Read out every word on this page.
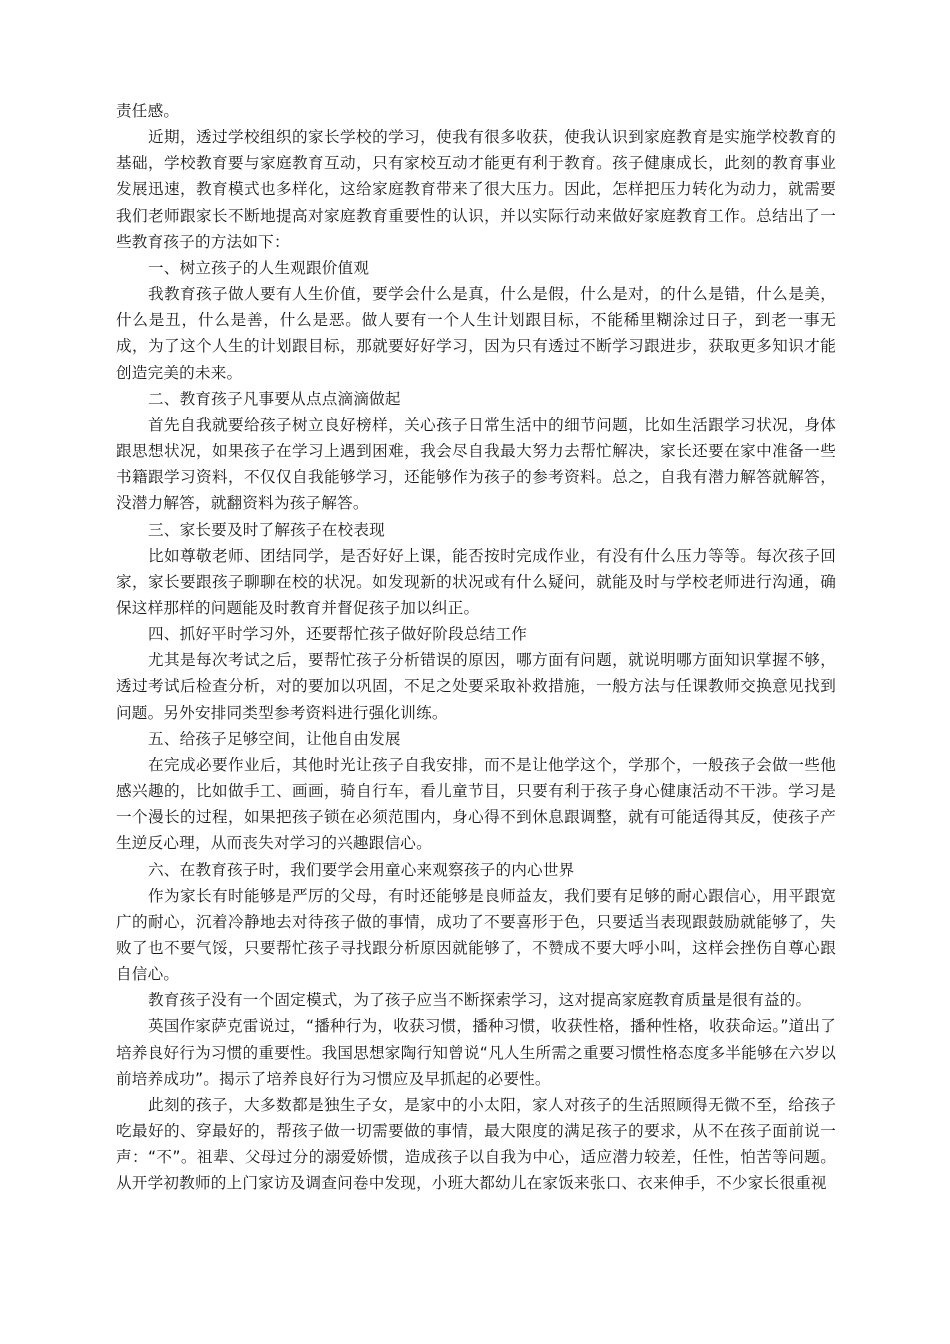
责任感。

近期，透过学校组织的家长学校的学习，使我有很多收获，使我认识到家庭教育是实施学校教育的基础，学校教育要与家庭教育互动，只有家校互动才能更有利于教育。孩子健康成长，此刻的教育事业发展迅速，教育模式也多样化，这给家庭教育带来了很大压力。因此，怎样把压力转化为动力，就需要我们老师跟家长不断地提高对家庭教育重要性的认识，并以实际行动来做好家庭教育工作。总结出了一些教育孩子的方法如下：

一、树立孩子的人生观跟价值观

我教育孩子做人要有人生价值，要学会什么是真，什么是假，什么是对，的什么是错，什么是美，什么是丑，什么是善，什么是恶。做人要有一个人生计划跟目标，不能稀里糊涂过日子，到老一事无成，为了这个人生的计划跟目标，那就要好好学习，因为只有透过不断学习跟进步，获取更多知识才能创造完美的未来。

二、教育孩子凡事要从点点滴滴做起

首先自我就要给孩子树立良好榜样，关心孩子日常生活中的细节问题，比如生活跟学习状况，身体跟思想状况，如果孩子在学习上遇到困难，我会尽自我最大努力去帮忙解决，家长还要在家中准备一些书籍跟学习资料，不仅仅自我能够学习，还能够作为孩子的参考资料。总之，自我有潜力解答就解答，没潜力解答，就翻资料为孩子解答。

三、家长要及时了解孩子在校表现

比如尊敬老师、团结同学，是否好好上课，能否按时完成作业，有没有什么压力等等。每次孩子回家，家长要跟孩子聊聊在校的状况。如发现新的状况或有什么疑问，就能及时与学校老师进行沟通，确保这样那样的问题能及时教育并督促孩子加以纠正。

四、抓好平时学习外，还要帮忙孩子做好阶段总结工作

尤其是每次考试之后，要帮忙孩子分析错误的原因，哪方面有问题，就说明哪方面知识掌握不够，透过考试后检查分析，对的要加以巩固，不足之处要采取补救措施，一般方法与任课教师交换意见找到问题。另外安排同类型参考资料进行强化训练。

五、给孩子足够空间，让他自由发展

在完成必要作业后，其他时光让孩子自我安排，而不是让他学这个，学那个，一般孩子会做一些他感兴趣的，比如做手工、画画，骑自行车，看儿童节目，只要有利于孩子身心健康活动不干涉。学习是一个漫长的过程，如果把孩子锁在必须范围内，身心得不到休息跟调整，就有可能适得其反，使孩子产生逆反心理，从而丧失对学习的兴趣跟信心。

六、在教育孩子时，我们要学会用童心来观察孩子的内心世界

作为家长有时能够是严厉的父母，有时还能够是良师益友，我们要有足够的耐心跟信心，用平跟宽广的耐心，沉着冷静地去对待孩子做的事情，成功了不要喜形于色，只要适当表现跟鼓励就能够了，失败了也不要气馁，只要帮忙孩子寻找跟分析原因就能够了，不赞成不要大呼小叫，这样会挫伤自尊心跟自信心。

教育孩子没有一个固定模式，为了孩子应当不断探索学习，这对提高家庭教育质量是很有益的。

英国作家萨克雷说过，“播种行为，收获习惯，播种习惯，收获性格，播种性格，收获命运。”道出了培养良好行为习惯的重要性。我国思想家陶行知曾说“凡人生所需之重要习惯性格态度多半能够在六岁以前培养成功”。揭示了培养良好行为习惯应及早抓起的必要性。

此刻的孩子，大多数都是独生子女，是家中的小太阳，家人对孩子的生活照顾得无微不至，给孩子吃最好的、穿最好的，帮孩子做一切需要做的事情，最大限度的满足孩子的要求，从不在孩子面前说一声：“不”。祖辈、父母过分的溺爱娇惯，造成孩子以自我为中心，适应潜力较差，任性，怕苦等问题。从开学初教师的上门家访及调查问卷中发现，小班大都幼儿在家饭来张口、衣来伸手，不少家长很重视
